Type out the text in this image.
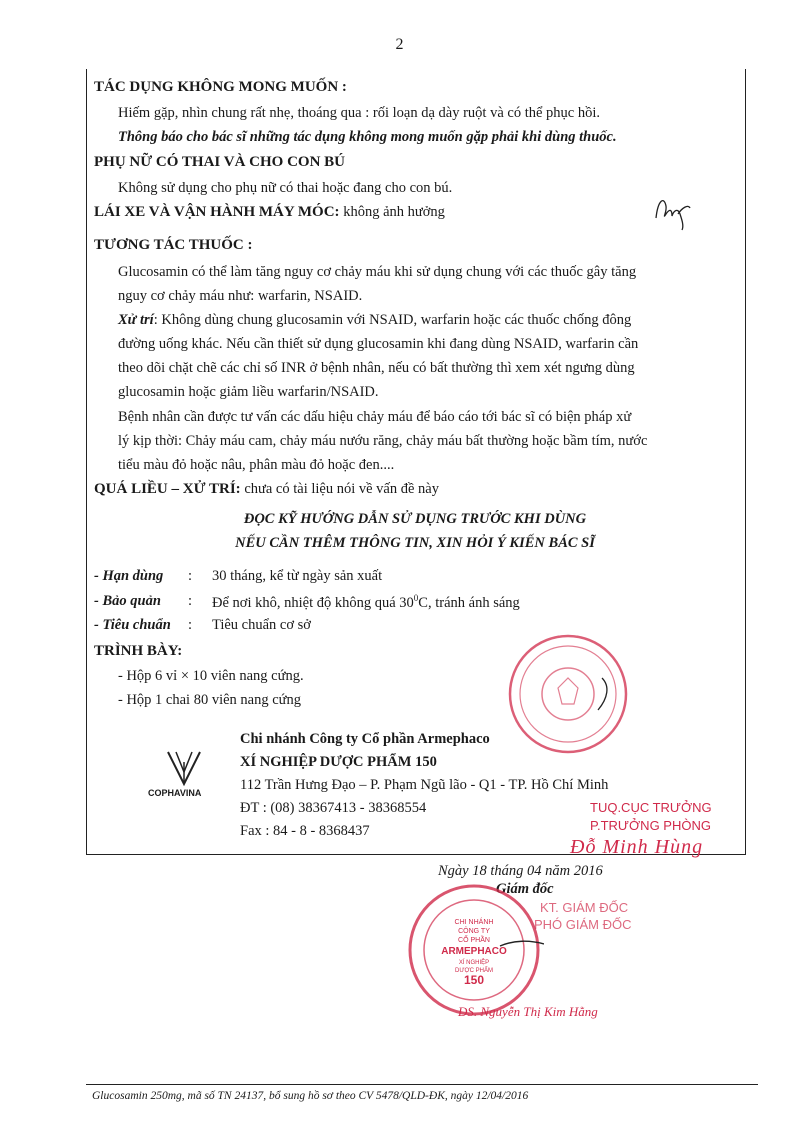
2
TÁC DỤNG KHÔNG MONG MUỐN :
Hiếm gặp, nhìn chung rất nhẹ, thoáng qua : rối loạn dạ dày ruột và có thể phục hồi.
Thông báo cho bác sĩ những tác dụng không mong muốn gặp phải khi dùng thuốc.
PHỤ NỮ CÓ THAI VÀ CHO CON BÚ
Không sử dụng cho phụ nữ có thai hoặc đang cho con bú.
LÁI XE VÀ VẬN HÀNH MÁY MÓC: không ảnh hưởng
TƯƠNG TÁC THUỐC :
Glucosamin có thể làm tăng nguy cơ chảy máu khi sử dụng chung với các thuốc gây tăng
nguy cơ chảy máu như: warfarin, NSAID.
Xử trí: Không dùng chung glucosamin với NSAID, warfarin hoặc các thuốc chống đông
đường uống khác. Nếu cần thiết sử dụng glucosamin khi đang dùng NSAID, warfarin cần
theo dõi chặt chẽ các chỉ số INR ở bệnh nhân, nếu có bất thường thì xem xét ngưng dùng
glucosamin hoặc giảm liều warfarin/NSAID.
Bệnh nhân cần được tư vấn các dấu hiệu chảy máu để báo cáo tới bác sĩ có biện pháp xử
lý kịp thời: Chảy máu cam, chảy máu nướu răng, chảy máu bất thường hoặc bầm tím, nước
tiểu màu đỏ hoặc nâu, phân màu đỏ hoặc đen....
QUÁ LIỀU – XỬ TRÍ: chưa có tài liệu nói về vấn đề này
ĐỌC KỸ HƯỚNG DẪN SỬ DỤNG TRƯỚC KHI DÙNG
NẾU CẦN THÊM THÔNG TIN, XIN HỎI Ý KIẾN BÁC SĨ
- Hạn dùng : 30 tháng, kể từ ngày sản xuất
- Bảo quản : Để nơi khô, nhiệt độ không quá $30^0C$, tránh ánh sáng
- Tiêu chuẩn : Tiêu chuẩn cơ sở
TRÌNH BÀY:
- Hộp 6 vỉ × 10 viên nang cứng.
- Hộp 1 chai 80 viên nang cứng
COPHAVINA
Chi nhánh Công ty Cổ phần Armephaco
XÍ NGHIỆP DƯỢC PHẨM 150
112 Trần Hưng Đạo – P. Phạm Ngũ lão - Q1 - TP. Hồ Chí Minh
ĐT : (08) 38367413 - 38368554
Fax : 84 - 8 - 8368437
TUQ.CỤC TRƯỞNG
P.TRƯỞNG PHÒNG
Đỗ Minh Hùng
Ngày 18 tháng 04 năm 2016
Giám đốc
CHI NHÁNH
CÔNG TY
CỔ PHẦN
ARMEPHACO
XÍ NGHIỆP
DƯỢC PHẨM
150
KT. GIÁM ĐỐC
PHÓ GIÁM ĐỐC
DS. Nguyễn Thị Kim Hằng
Glucosamin 250mg, mã số TN 24137, bổ sung hồ sơ theo CV 5478/QLD-ĐK, ngày 12/04/2016
